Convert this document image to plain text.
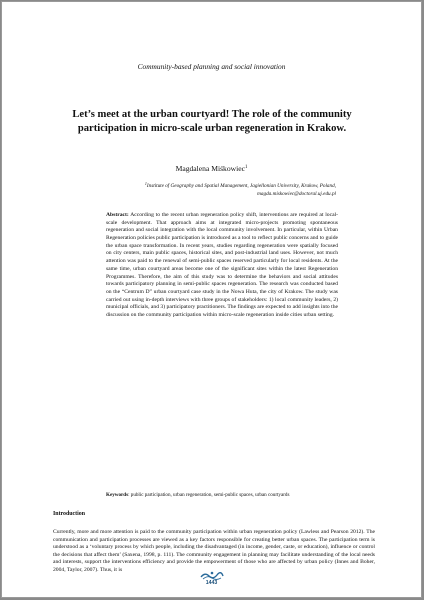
Community-based planning and social innovation
Let’s meet at the urban courtyard! The role of the community participation in micro-scale urban regeneration in Krakow.
Magdalena Miśkowiec$^1$
$^1$Institute of Geography and Spatial Management, Jagiellonian University, Krakow, Poland,
magda.miskowiec@doctoral.uj.edu.pl
Abstract: According to the recent urban regeneration policy shift, interventions are required at local-scale development. That approach aims at integrated micro-projects promoting spontaneous regeneration and social integration with the local community involvement. In particular, within Urban Regeneration policies public participation is introduced as a tool to reflect public concerns and to guide the urban space transformation. In recent years, studies regarding regeneration were spatially focused on city centers, main public spaces, historical sites, and post-industrial land uses. However, not much attention was paid to the renewal of semi-public spaces reserved particularly for local residents. At the same time, urban courtyard areas become one of the significant sites within the latest Regeneration Programmes. Therefore, the aim of this study was to determine the behaviors and social attitudes towards participatory planning in semi-public spaces regeneration. The research was conducted based on the “Centrum D” urban courtyard case study in the Nowa Huta, the city of Krakow. The study was carried out using in-depth interviews with three groups of stakeholders: 1) local community leaders, 2) municipal officials, and 3) participatory practitioners. The findings are expected to add insights into the discussion on the community participation within micro-scale regeneration inside cities urban setting.
Keywords: public participation, urban regeneration, semi-public spaces, urban courtyards
Introduction
Currently, more and more attention is paid to the community participation within urban regeneration policy (Lawless and Pearson 2012). The communication and participation processes are viewed as a key factors responsible for creating better urban spaces. The participation term is understood as a ‘voluntary process by which people, including the disadvantaged (in income, gender, caste, or education), influence or control the decisions that affect them’ (Saxena, 1998, p. 111). The community engagement in planning may facilitate understanding of the local needs and interests, support the interventions efficiency and provide the empowerment of those who are affected by urban policy (Innes and Boher, 2004, Taylor, 2007). Thus, it is
1443
